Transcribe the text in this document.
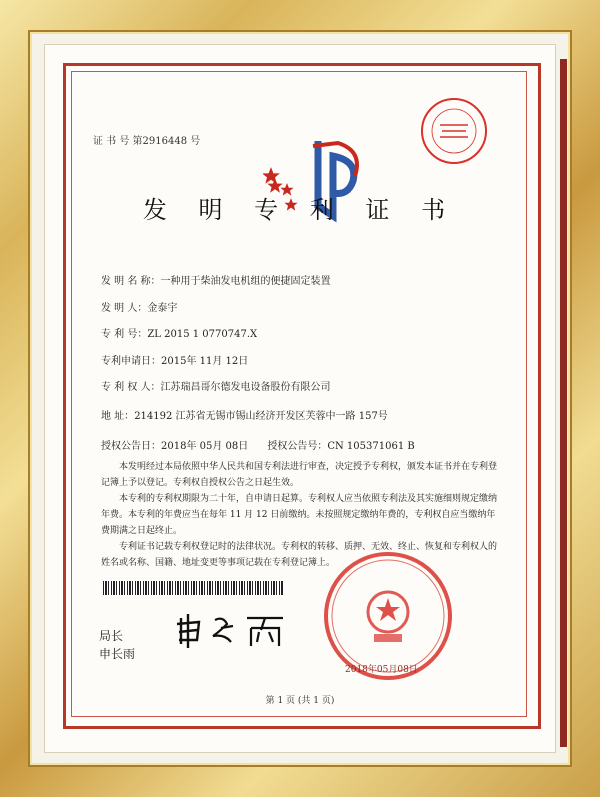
证 书 号 第2916448 号
发 明 专 利 证 书
发 明 名 称：一种用于柴油发电机组的便捷固定装置
发 明 人：金泰宇
专 利 号：ZL 2015 1 0770747.X
专利申请日：2015年 11月 12日
专 利 权 人：江苏瑞昌哥尔德发电设备股份有限公司
地 址：214192 江苏省无锡市锡山经济开发区芙蓉中一路 157号
授权公告日：2018年 05月 08日 授权公告号：CN 105371061 B
本发明经过本局依照中华人民共和国专利法进行审查，决定授予专利权，颁发本证书并在专利登记簿上予以登记。专利权自授权公告之日起生效。
本专利的专利权期限为二十年，自申请日起算。专利权人应当依照专利法及其实施细则规定缴纳年费。本专利的年费应当在每年 11 月 12 日前缴纳。未按照规定缴纳年费的，专利权自应当缴纳年费期满之日起终止。
专利证书记载专利权登记时的法律状况。专利权的转移、质押、无效、终止、恢复和专利权人的姓名或名称、国籍、地址变更等事项记载在专利登记簿上。
局长
申长雨
2018年05月08日
第 1 页 (共 1 页)
